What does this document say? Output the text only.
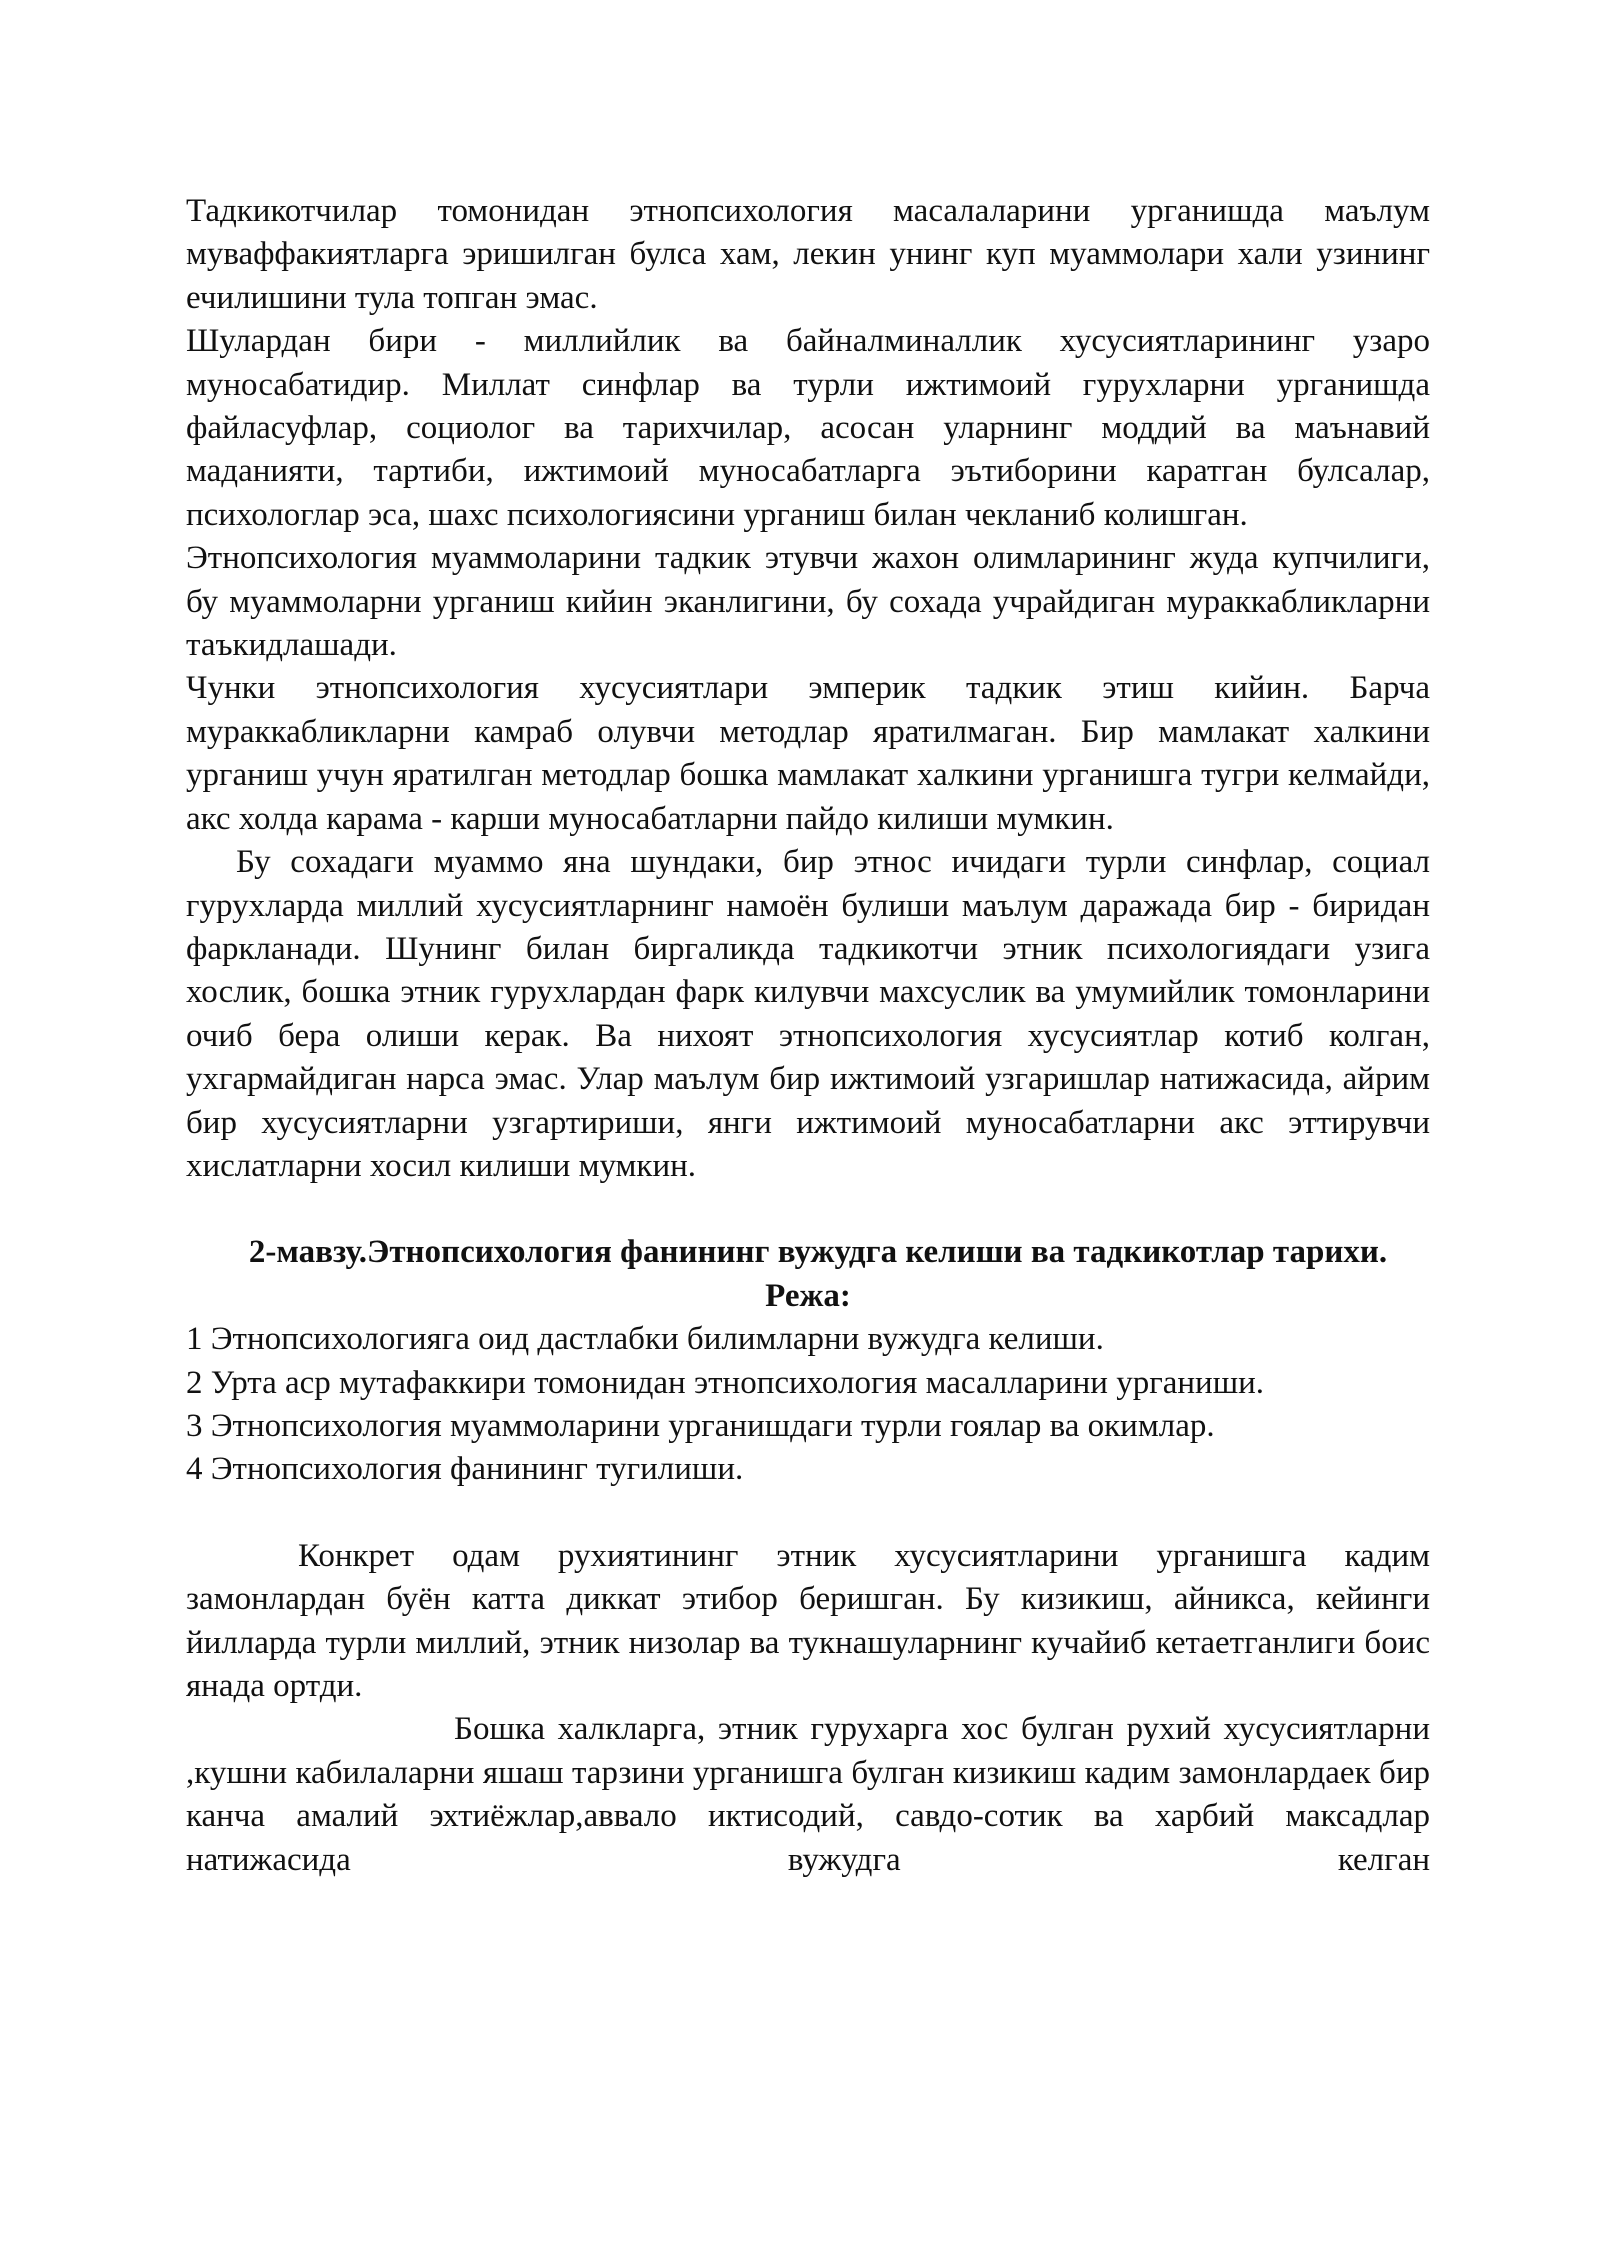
Тадкикотчилар томонидан этнопсихология масалаларини урганишда маълум муваффакиятларга эришилган булса хам, лекин унинг куп муаммолари хали узининг ечилишини тула топган эмас.

Шулардан бири - миллийлик ва байналминаллик хусусиятларининг узаро муносабатидир. Миллат синфлар ва турли ижтимоий гурухларни урганишда файласуфлар, социолог ва тарихчилар, асосан уларнинг моддий ва маънавий маданияти, тартиби, ижтимоий муносабатларга эътиборини каратган булсалар, психологлар эса, шахс психологиясини урганиш билан чекланиб колишган.

Этнопсихология муаммоларини тадкик этувчи жахон олимларининг жуда купчилиги, бу муаммоларни урганиш кийин эканлигини, бу сохада учрайдиган мураккабликларни таъкидлашади.

Чунки этнопсихология хусусиятлари эмперик тадкик этиш кийин. Барча мураккабликларни камраб олувчи методлар яратилмаган. Бир мамлакат халкини урганиш учун яратилган методлар бошка мамлакат халкини урганишга тугри келмайди, акс холда карама - карши муносабатларни пайдо килиши мумкин.

Бу сохадаги муаммо яна шундаки, бир этнос ичидаги турли синфлар, социал гурухларда миллий хусусиятларнинг намоён булиши маълум даражада бир - биридан фаркланади. Шунинг билан биргаликда тадкикотчи этник психологиядаги узига хослик, бошка этник гурухлардан фарк килувчи махсуслик ва умумийлик томонларини очиб бера олиши керак. Ва нихоят этнопсихология хусусиятлар котиб колган, ухгармайдиган нарса эмас. Улар маълум бир ижтимоий узгаришлар натижасида, айрим бир хусусиятларни узгартириши, янги ижтимоий муносабатларни акс эттирувчи хислатларни хосил килиши мумкин.

2-мавзу.Этнопсихология фанининг вужудга келиши ва тадкикотлар тарихи.

Режа:

1 Этнопсихологияга оид дастлабки билимларни вужудга келиши.
2 Урта аср мутафаккири томонидан этнопсихология масалларини урганиши.
3 Этнопсихология муаммоларини урганишдаги турли гоялар ва окимлар.
4 Этнопсихология фанининг тугилиши.

Конкрет одам рухиятининг этник хусусиятларини урганишга кадим замонлардан буён катта диккат этибор беришган. Бу кизикиш, айникса, кейинги йилларда турли миллий, этник низолар ва тукнашуларнинг кучайиб кетаетганлиги боис янада ортди.

Бошка халкларга, этник гурухарга хос булган рухий хусусиятларни ,кушни кабилаларни яшаш тарзини урганишга булган кизикиш кадим замонлардаек бир канча амалий эхтиёжлар,аввало иктисодий, савдо-сотик ва харбий максадлар натижасида вужудга келган
